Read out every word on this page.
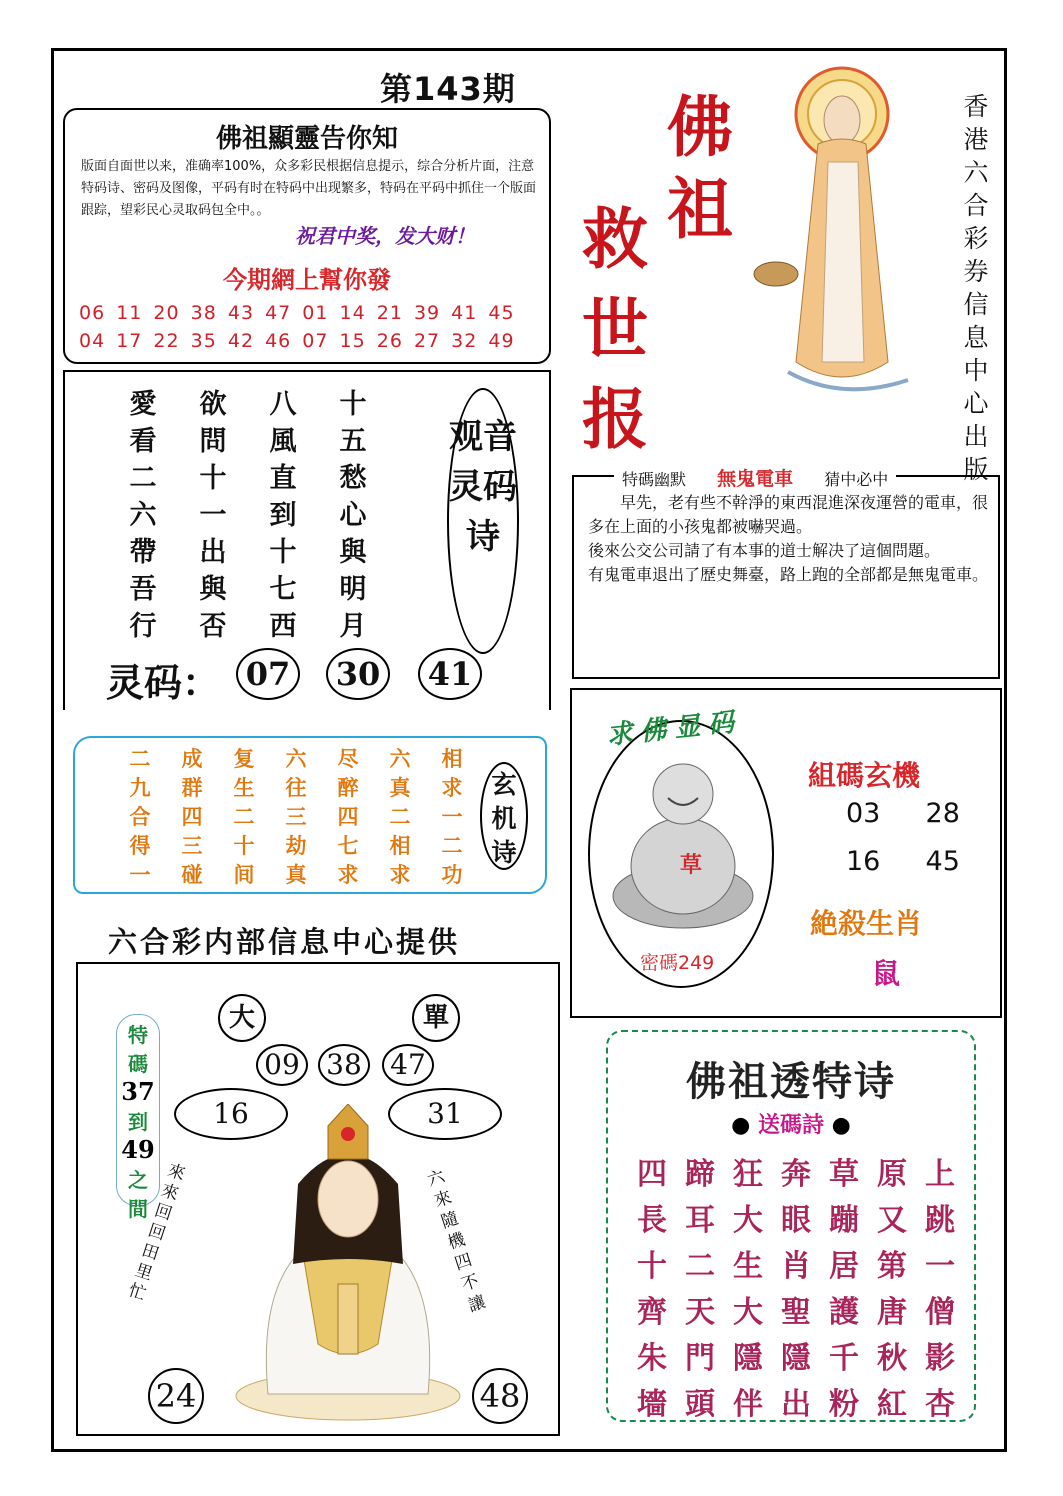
第143期
佛祖顯靈告你知
版面自面世以来，准确率100%，众多彩民根据信息提示，综合分析片面，注意特码诗、密码及图像，平码有时在特码中出现繁多，特码在平码中抓住一个版面跟踪，望彩民心灵取码包全中。。
祝君中奖，发大财！
今期網上幫你發
06 11 20 38 43 47 01 14 21 39 41 45
04 17 22 35 42 46 07 15 26 27 32 49
愛看二六帶吾行
欲問十一出與否
八風直到十七西
十五愁心與明月
观音灵码诗
灵码： 07	30	41
二九合得一
成群四三碰
复生二十间
六往三劫真
尽醉四七求
六真二相求
相求一二功
玄机诗
六合彩内部信息中心提供
大	單
09 38 47
16	31
特
碼
37
到
49
之
間
來來回回田里忙
六來隨機四不讓
24	48
佛
祖
救
世
报
香港六合彩券信息中心出版
特碼幽默 無鬼電車 猜中必中
早先，老有些不幹淨的東西混進深夜運營的電車，很多在上面的小孩鬼都被嚇哭過。
後來公交公司請了有本事的道士解决了這個問題。
有鬼電車退出了歷史舞臺，路上跑的全部都是無鬼電車。
求佛显码
草
密碼249
組碼玄機
03  28
16  45
絶殺生肖
鼠
佛祖透特诗
● 送碼詩 ●
四長十齊朱墻
蹄耳二天門頭
狂大生大隱伴
奔眼肖聖隱出
草蹦居護千粉
原又第唐秋紅
上跳一僧影杏
